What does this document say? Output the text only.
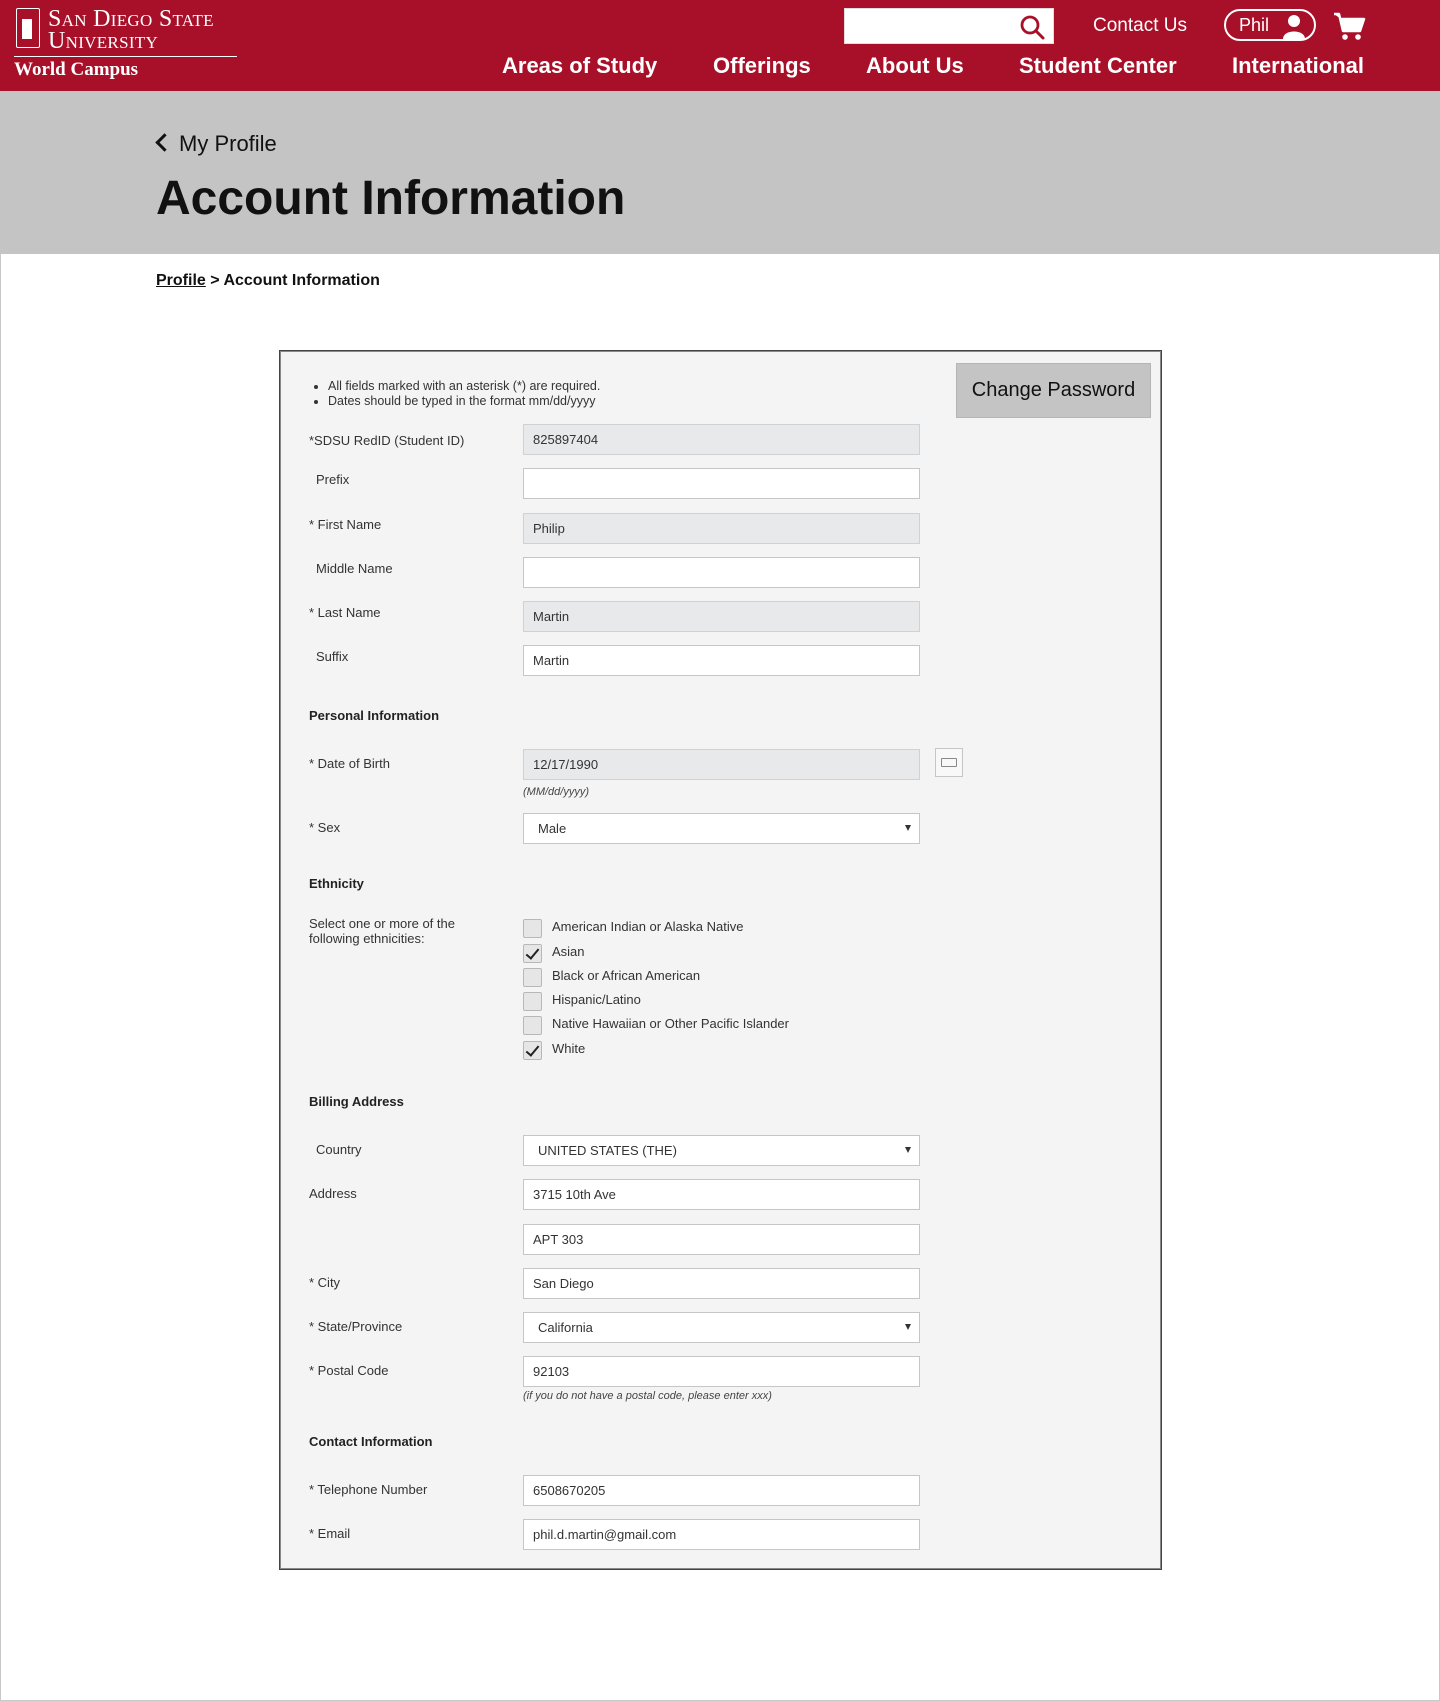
San Diego State
University
World Campus
Contact Us	Phil
Areas of Study	Offerings	About Us	Student Center	International
My Profile
Account Information
Profile > Account Information
• All fields marked with an asterisk (*) are required.
• Dates should be typed in the format mm/dd/yyyy	Change Password
*SDSU RedID (Student ID)	825897404
Prefix
* First Name	Philip
Middle Name
* Last Name	Martin
Suffix	Martin
Personal Information
* Date of Birth	12/17/1990
(MM/dd/yyyy)
* Sex	Male
Ethnicity
Select one or more of the
following ethnicities:
American Indian or Alaska Native
Asian
Black or African American
Hispanic/Latino
Native Hawaiian or Other Pacific Islander
White
Billing Address
Country	UNITED STATES (THE)
Address	3715 10th Ave
APT 303
* City	San Diego
* State/Province	California
* Postal Code	92103
(if you do not have a postal code, please enter xxx)
Contact Information
* Telephone Number	6508670205
* Email	phil.d.martin@gmail.com
